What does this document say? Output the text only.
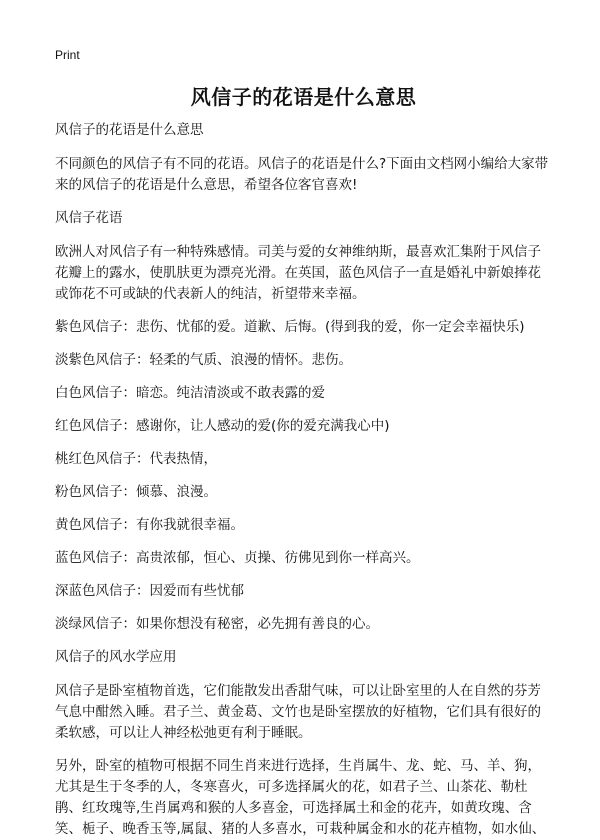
Print
风信子的花语是什么意思

风信子的花语是什么意思

不同颜色的风信子有不同的花语。风信子的花语是什么?下面由文档网小编给大家带来的风信子的花语是什么意思，希望各位客官喜欢!

风信子花语

欧洲人对风信子有一种特殊感情。司美与爱的女神维纳斯，最喜欢汇集附于风信子花瓣上的露水，使肌肤更为漂亮光滑。在英国，蓝色风信子一直是婚礼中新娘捧花或饰花不可或缺的代表新人的纯洁，祈望带来幸福。

紫色风信子：悲伤、忧郁的爱。道歉、后悔。(得到我的爱，你一定会幸福快乐)

淡紫色风信子：轻柔的气质、浪漫的情怀。悲伤。

白色风信子：暗恋。纯洁清淡或不敢表露的爱

红色风信子：感谢你，让人感动的爱(你的爱充满我心中)

桃红色风信子：代表热情，

粉色风信子：倾慕、浪漫。

黄色风信子：有你我就很幸福。

蓝色风信子：高贵浓郁，恒心、贞操、彷佛见到你一样高兴。

深蓝色风信子：因爱而有些忧郁

淡绿风信子：如果你想没有秘密，必先拥有善良的心。

风信子的风水学应用

风信子是卧室植物首选，它们能散发出香甜气味，可以让卧室里的人在自然的芬芳气息中酣然入睡。君子兰、黄金葛、文竹也是卧室摆放的好植物，它们具有很好的柔软感，可以让人神经松弛更有利于睡眠。

另外，卧室的植物可根据不同生肖来进行选择，生肖属牛、龙、蛇、马、羊、狗，尤其是生于冬季的人，冬寒喜火，可多选择属火的花，如君子兰、山茶花、勒杜鹃、红玫瑰等,生肖属鸡和猴的人多喜金，可选择属土和金的花卉，如黄玫瑰、含笑、栀子、晚香玉等,属鼠、猪的人多喜水，可栽种属金和水的花卉植物，如水仙、
